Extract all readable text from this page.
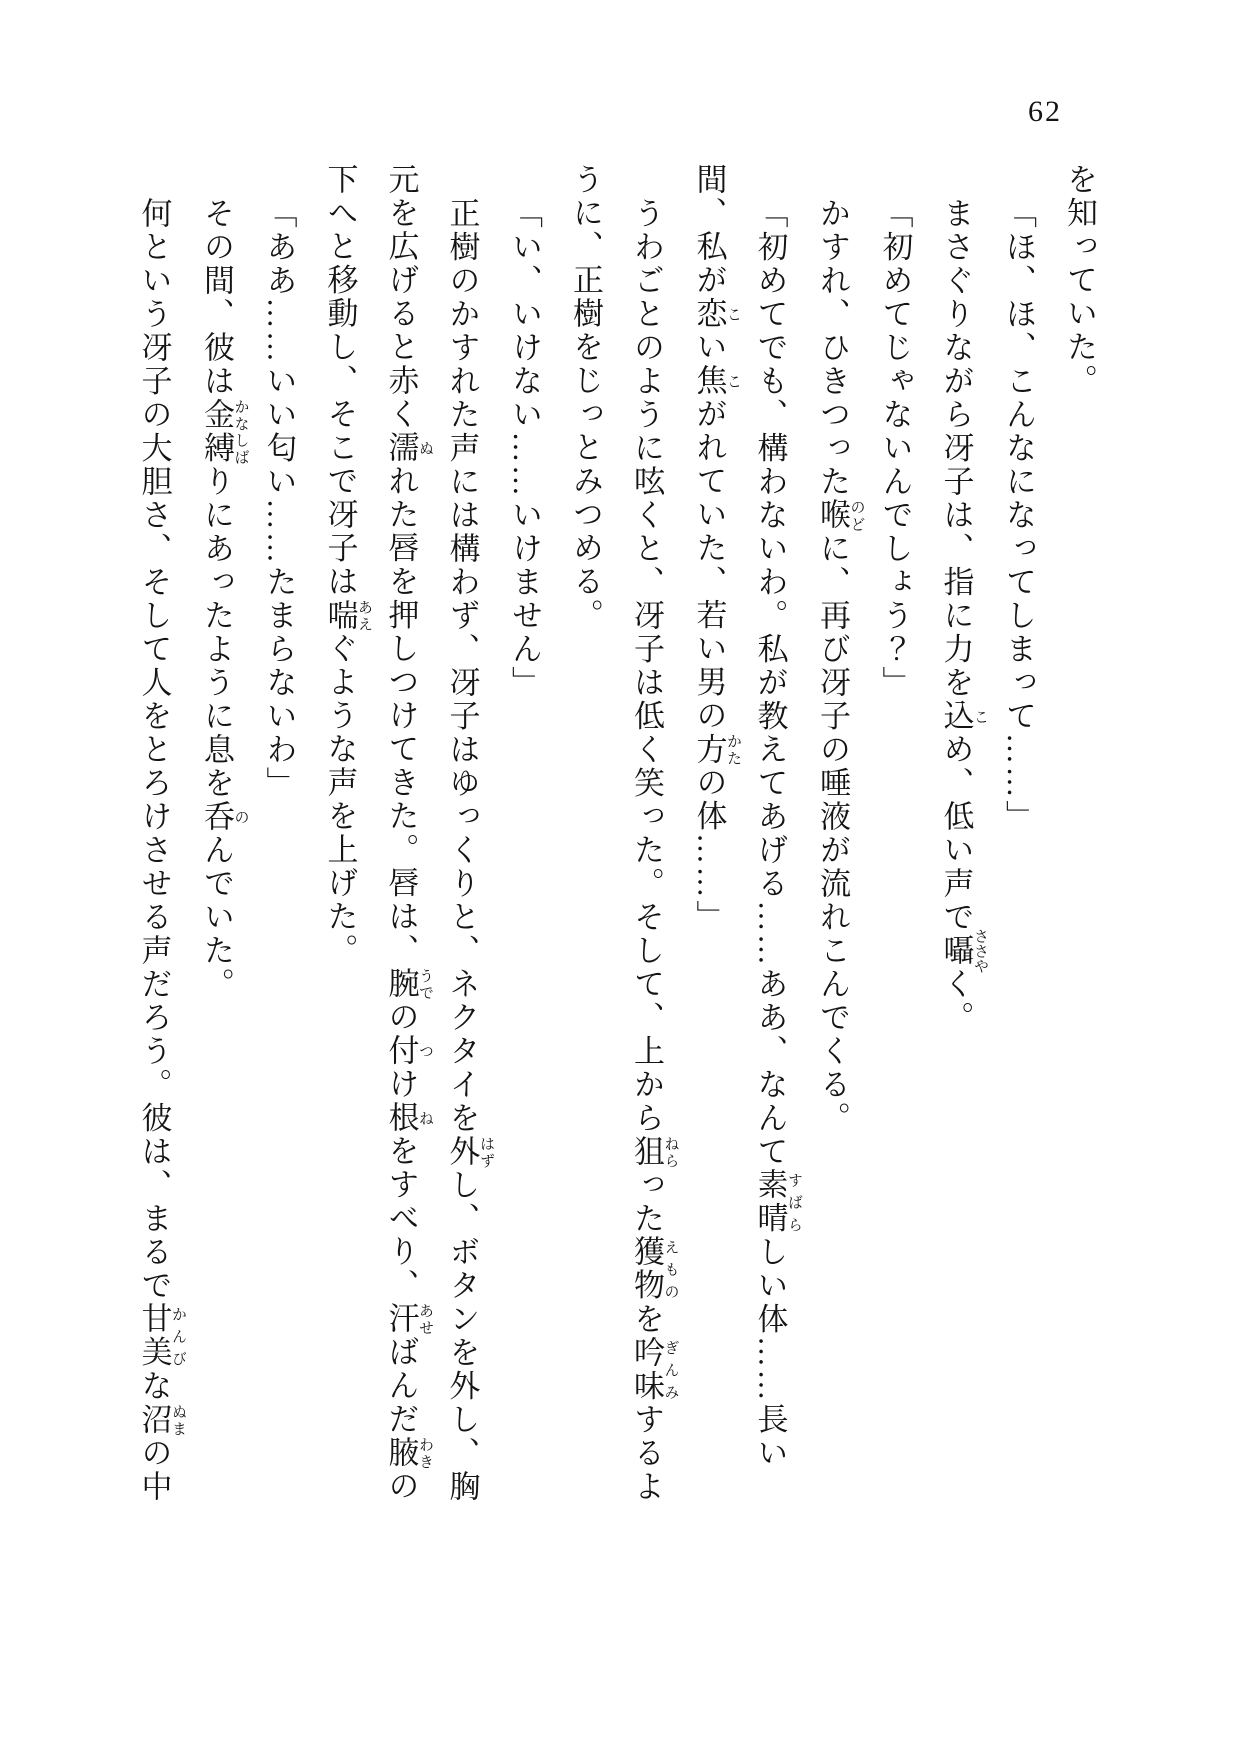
62

を知っていた。

「ほ、ほ、こんなになってしまって……」

まさぐりながら冴子は、指に力を込こめ、低い声で囁ささやく。

「初めてじゃないんでしょう？」

かすれ、ひきつった喉のどに、再び冴子の唾液が流れこんでくる。

「初めてでも、構わないわ。私が教えてあげる……ああ、なんて素晴すばらしい体……長い間、私が恋こい焦こがれていた、若い男の方かたの体……」

うわごとのように呟くと、冴子は低く笑った。そして、上から狙ねらった獲物えものを吟味ぎんみするように、正樹をじっとみつめる。

「い、いけない……いけません」

正樹のかすれた声には構わず、冴子はゆっくりと、ネクタイを外はずし、ボタンを外し、胸元を広げると赤く濡ぬれた唇を押しつけてきた。唇は、腕うでの付つけ根ねをすべり、汗あせばんだ腋わきの下へと移動し、そこで冴子は喘あえぐような声を上げた。

「ああ……いい匂い……たまらないわ」

その間、彼は金縛かなしばりにあったように息を呑のんでいた。

何という冴子の大胆さ、そして人をとろけさせる声だろう。彼は、まるで甘美かんびな沼ぬまの中
